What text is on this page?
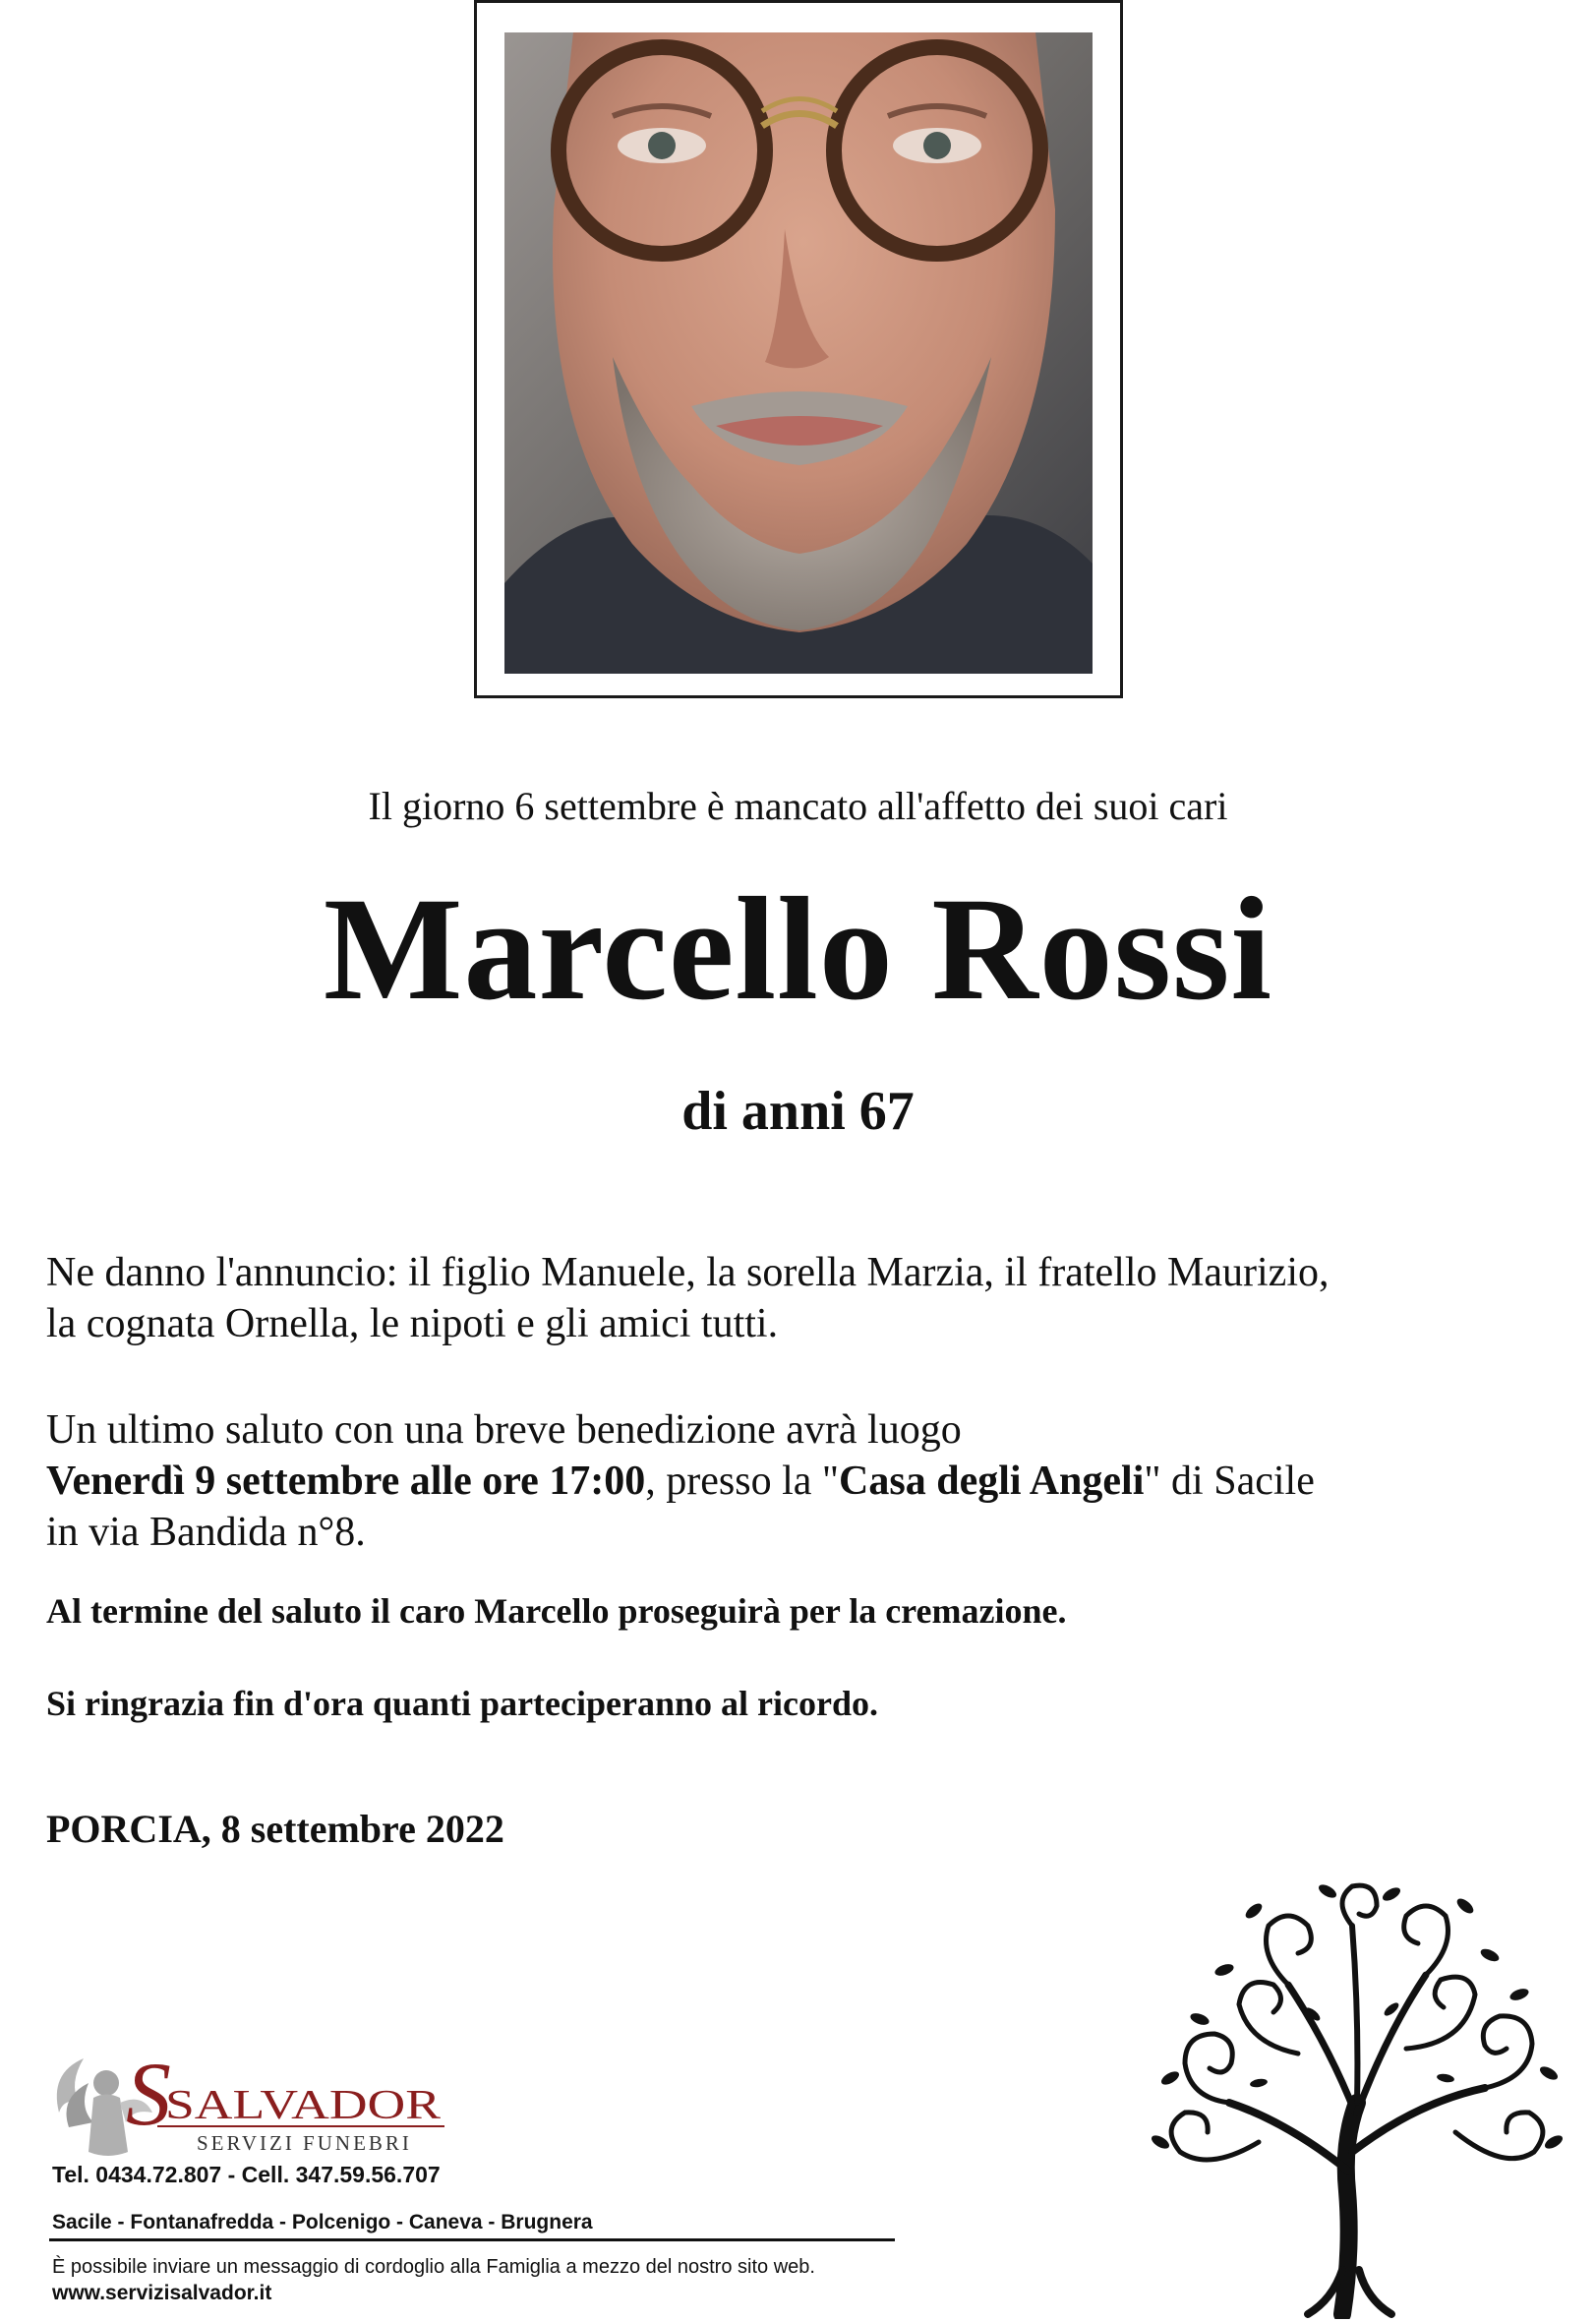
Il giorno 6 settembre è mancato all'affetto dei suoi cari
Marcello Rossi
di anni 67
Ne danno l'annuncio: il figlio Manuele, la sorella Marzia, il fratello Maurizio,
la cognata Ornella, le nipoti e gli amici tutti.
Un ultimo saluto con una breve benedizione avrà luogo
Venerdì 9 settembre alle ore 17:00, presso la "Casa degli Angeli" di Sacile
in via Bandida n°8.
Al termine del saluto il caro Marcello proseguirà per la cremazione.
Si ringrazia fin d'ora quanti parteciperanno al ricordo.
PORCIA, 8 settembre 2022
S
SALVADOR
SERVIZI FUNEBRI
Tel. 0434.72.807 - Cell. 347.59.56.707
Sacile - Fontanafredda - Polcenigo - Caneva - Brugnera
È possibile inviare un messaggio di cordoglio alla Famiglia a mezzo del nostro sito web.
www.servizisalvador.it
